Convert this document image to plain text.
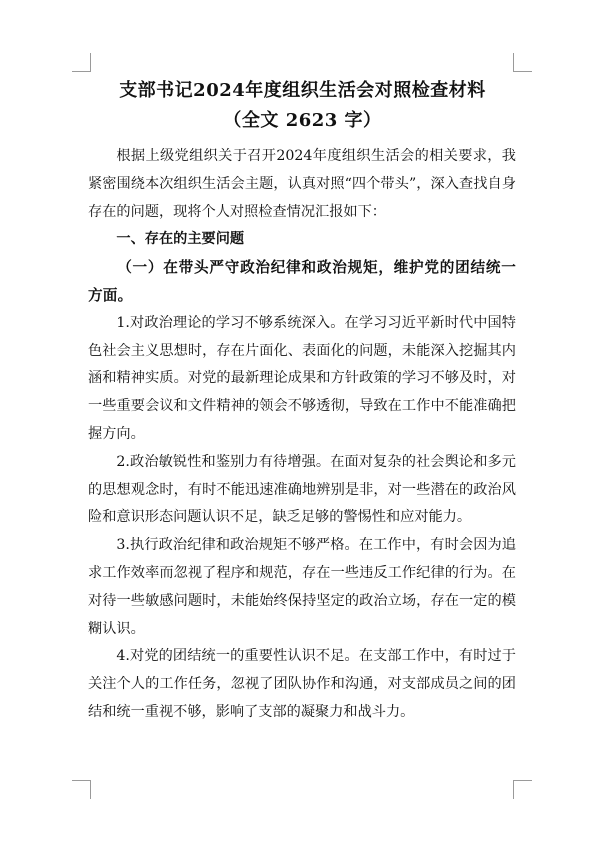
支部书记2024年度组织生活会对照检查材料
（全文 2623 字）

根据上级党组织关于召开2024年度组织生活会的相关要求，我紧密围绕本次组织生活会主题，认真对照“四个带头”，深入查找自身存在的问题，现将个人对照检查情况汇报如下：

一、存在的主要问题

（一）在带头严守政治纪律和政治规矩，维护党的团结统一方面。

1.对政治理论的学习不够系统深入。在学习习近平新时代中国特色社会主义思想时，存在片面化、表面化的问题，未能深入挖掘其内涵和精神实质。对党的最新理论成果和方针政策的学习不够及时，对一些重要会议和文件精神的领会不够透彻，导致在工作中不能准确把握方向。

2.政治敏锐性和鉴别力有待增强。在面对复杂的社会舆论和多元的思想观念时，有时不能迅速准确地辨别是非，对一些潜在的政治风险和意识形态问题认识不足，缺乏足够的警惕性和应对能力。

3.执行政治纪律和政治规矩不够严格。在工作中，有时会因为追求工作效率而忽视了程序和规范，存在一些违反工作纪律的行为。在对待一些敏感问题时，未能始终保持坚定的政治立场，存在一定的模糊认识。

4.对党的团结统一的重要性认识不足。在支部工作中，有时过于关注个人的工作任务，忽视了团队协作和沟通，对支部成员之间的团结和统一重视不够，影响了支部的凝聚力和战斗力。
